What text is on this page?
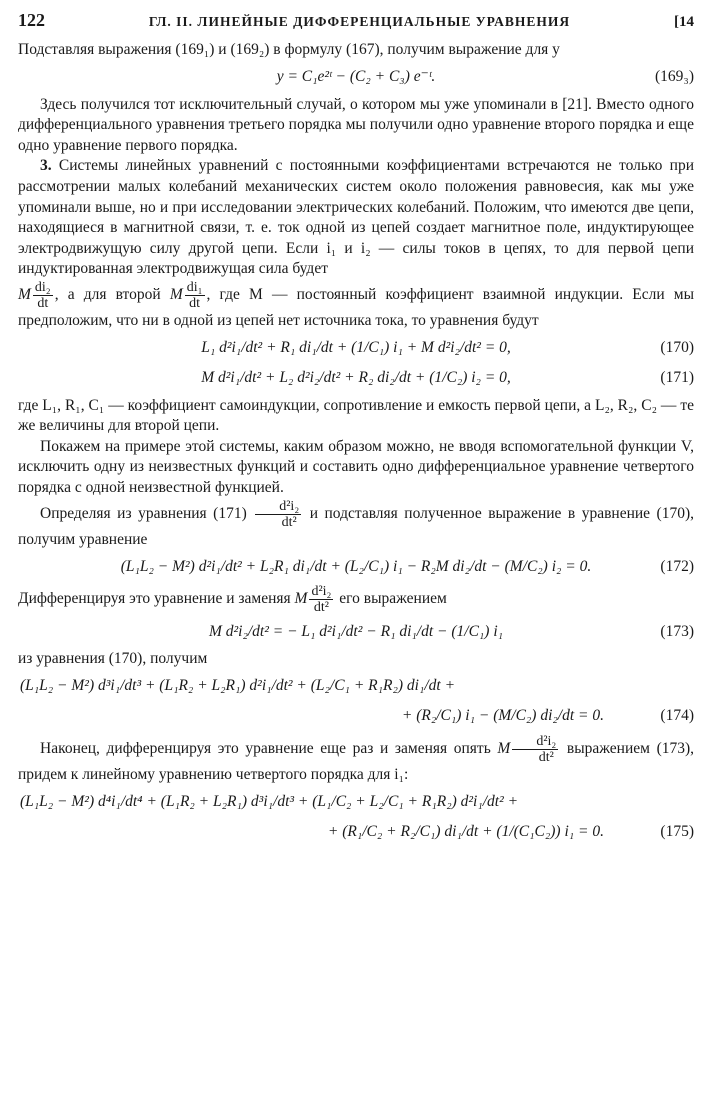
122	ГЛ. II. ЛИНЕЙНЫЕ ДИФФЕРЕНЦИАЛЬНЫЕ УРАВНЕНИЯ	[14

Подставляя выражения (169₁) и (169₂) в формулу (167), получим выражение для y

y = C₁e²ᵗ − (C₂ + C₃) e⁻ᵗ.	(169₃)

Здесь получился тот исключительный случай, о котором мы уже упоминали в [21]. Вместо одного дифференциального уравнения третьего порядка мы получили одно уравнение второго порядка и еще одно уравнение первого порядка.

3. Системы линейных уравнений с постоянными коэффициентами встречаются не только при рассмотрении малых колебаний механических систем около положения равновесия, как мы уже упоминали выше, но и при исследовании электрических колебаний. Положим, что имеются две цепи, находящиеся в магнитной связи, т. е. ток одной из цепей создает магнитное поле, индуктирующее электродвижущую силу другой цепи. Если i₁ и i₂ — силы токов в цепях, то для первой цепи индуктированная электродвижущая сила будет

M $\frac{\text{di₂}}{dt}$ , а для второй M $\frac{\text{di₁}}{dt}$ , где M — постоянный коэффициент взаимной индукции. Если мы предположим, что ни в одной из цепей нет источника тока, то уравнения будут

L₁ d²i₁/dt² + R₁ di₁/dt + (1/C₁) i₁ + M d²i₂/dt² = 0,	(170)
M d²i₁/dt² + L₂ d²i₂/dt² + R₂ di₂/dt + (1/C₂) i₂ = 0,	(171)

где L₁, R₁, C₁ — коэффициент самоиндукции, сопротивление и емкость первой цепи, а L₂, R₂, C₂ — те же величины для второй цепи.

Покажем на примере этой системы, каким образом можно, не вводя вспомогательной функции V, исключить одну из неизвестных функций и составить одно дифференциальное уравнение четвертого порядка с одной неизвестной функцией.

Определяя из уравнения $(171) \frac{\text{d²i₂}}{\text{dt²}}$ и подставляя полученное выражение в уравнение (170), получим уравнение

(L₁L₂ − M²) d²i₁/dt² + L₂R₁ di₁/dt + (L₂/C₁) i₁ − R₂M di₂/dt − (M/C₂) i₂ = 0.	(172)

Дифференцируя это уравнение и заменяя M $\frac{\text{d²i₂}}{\text{dt²}}$ его выражением

M d²i₂/dt² = − L₁ d²i₁/dt² − R₁ di₁/dt − (1/C₁) i₁	(173)

из уравнения (170), получим

(L₁L₂ − M²) d³i₁/dt³ + (L₁R₂ + L₂R₁) d²i₁/dt² + (L₂/C₁ + R₁R₂) di₁/dt +
+ (R₂/C₁) i₁ − (M/C₂) di₂/dt = 0.	(174)

Наконец, дифференцируя это уравнение еще раз и заменяя опять M $\frac{\text{d²i₂}}{\text{dt²}}$ выражением (173), придем к линейному уравнению четвертого порядка для i₁:

(L₁L₂ − M²) d⁴i₁/dt⁴ + (L₁R₂ + L₂R₁) d³i₁/dt³ + (L₁/C₂ + L₂/C₁ + R₁R₂) d²i₁/dt² +
+ (R₁/C₂ + R₂/C₁) di₁/dt + (1/(C₁C₂)) i₁ = 0.	(175)
